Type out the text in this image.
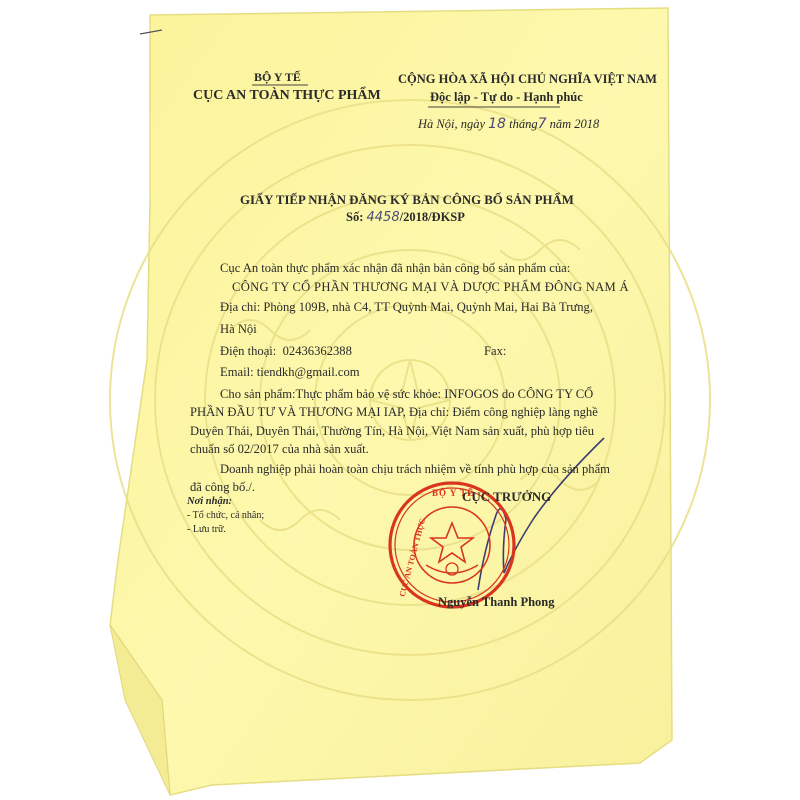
BỘ Y TẾ
CỤC AN TOÀN THỰC
BỘ Y TẾ
CỤC AN TOÀN THỰC PHẨM
CỘNG HÒA XÃ HỘI CHỦ NGHĨA VIỆT NAM
Độc lập - Tự do - Hạnh phúc
Hà Nội, ngày 18 tháng7 năm 2018
GIẤY TIẾP NHẬN ĐĂNG KÝ BẢN CÔNG BỐ SẢN PHẨM
Số: 4458/2018/ĐKSP
Cục An toàn thực phẩm xác nhận đã nhận bản công bố sản phẩm của:
CÔNG TY CỔ PHẦN THƯƠNG MẠI VÀ DƯỢC PHẨM ĐÔNG NAM Á
Địa chỉ: Phòng 109B, nhà C4, TT Quỳnh Mai, Quỳnh Mai, Hai Bà Trưng,
Hà Nội
Điện thoại: 02436362388	Fax:
Email: tiendkh@gmail.com
Cho sản phẩm:Thực phẩm bảo vệ sức khỏe: INFOGOS do CÔNG TY CỔ
PHẦN ĐẦU TƯ VÀ THƯƠNG MẠI IAP, Địa chỉ: Điểm công nghiệp làng nghề
Duyên Thái, Duyên Thái, Thường Tín, Hà Nội, Việt Nam sản xuất, phù hợp tiêu
chuẩn số 02/2017 của nhà sản xuất.
Doanh nghiệp phải hoàn toàn chịu trách nhiệm về tính phù hợp của sản phẩm
đã công bố./.
Nơi nhận:
- Tổ chức, cá nhân;
- Lưu trữ.
CỤC TRƯỞNG
Nguyễn Thanh Phong
